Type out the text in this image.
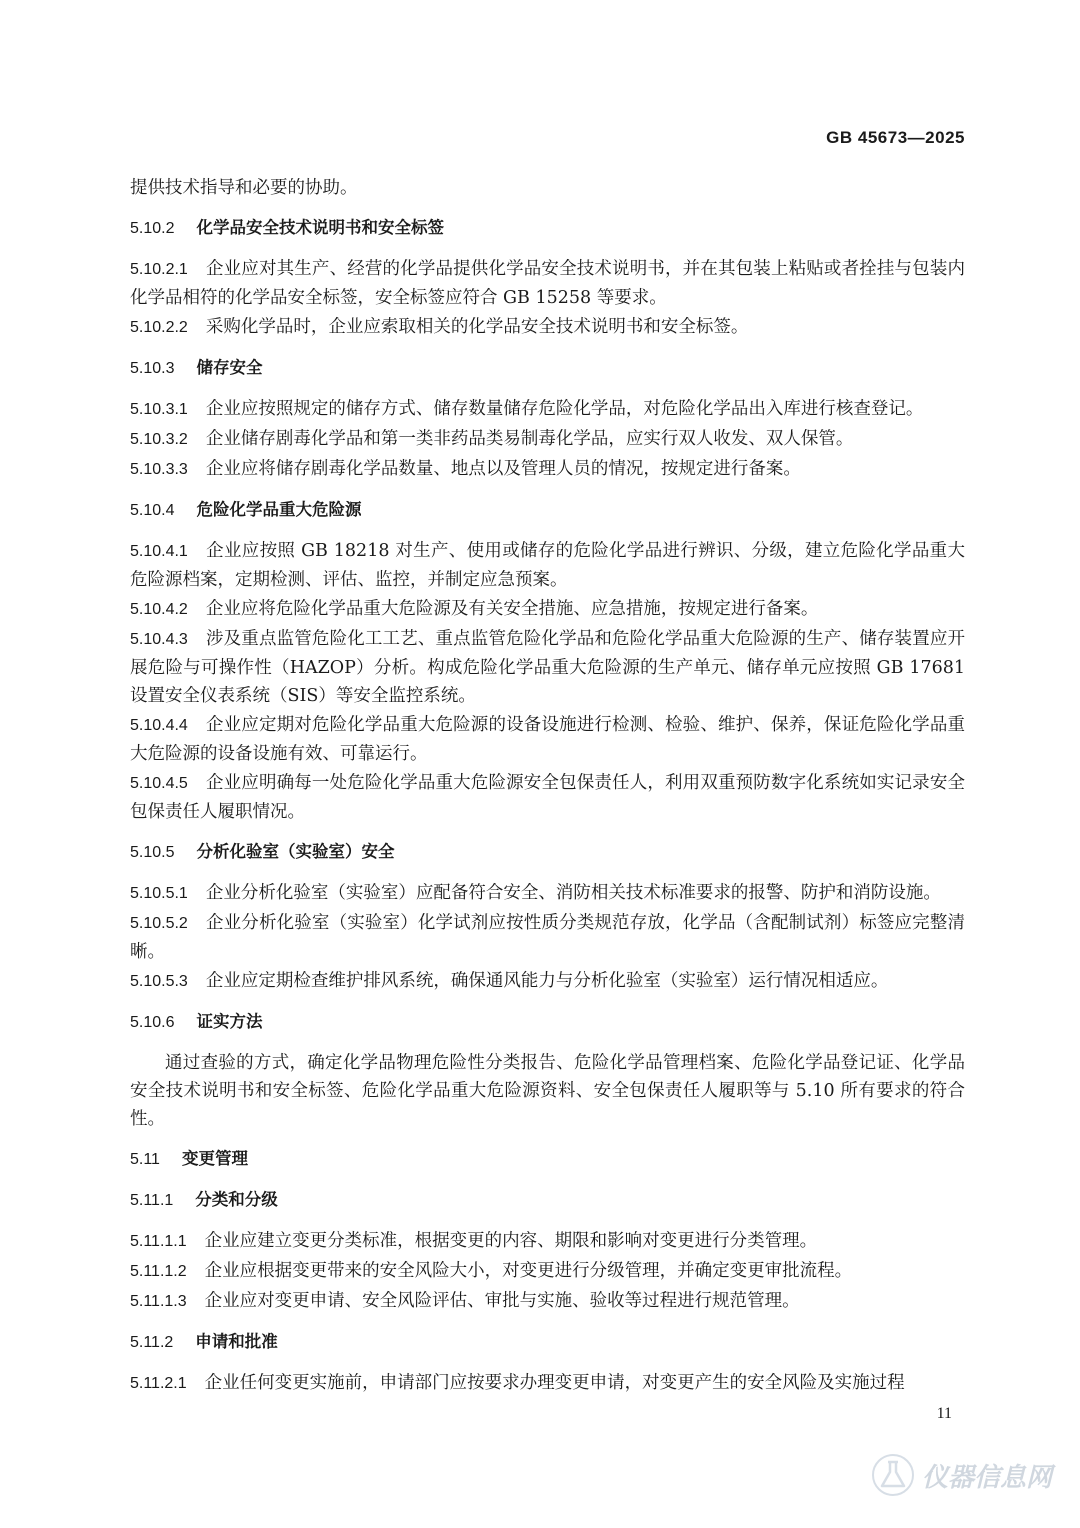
GB 45673—2025

提供技术指导和必要的协助。

5.10.2 化学品安全技术说明书和安全标签

5.10.2.1 企业应对其生产、经营的化学品提供化学品安全技术说明书，并在其包装上粘贴或者拴挂与包装内化学品相符的化学品安全标签，安全标签应符合 GB 15258 等要求。

5.10.2.2 采购化学品时，企业应索取相关的化学品安全技术说明书和安全标签。

5.10.3 储存安全

5.10.3.1 企业应按照规定的储存方式、储存数量储存危险化学品，对危险化学品出入库进行核查登记。

5.10.3.2 企业储存剧毒化学品和第一类非药品类易制毒化学品，应实行双人收发、双人保管。

5.10.3.3 企业应将储存剧毒化学品数量、地点以及管理人员的情况，按规定进行备案。

5.10.4 危险化学品重大危险源

5.10.4.1 企业应按照 GB 18218 对生产、使用或储存的危险化学品进行辨识、分级，建立危险化学品重大危险源档案，定期检测、评估、监控，并制定应急预案。

5.10.4.2 企业应将危险化学品重大危险源及有关安全措施、应急措施，按规定进行备案。

5.10.4.3 涉及重点监管危险化工工艺、重点监管危险化学品和危险化学品重大危险源的生产、储存装置应开展危险与可操作性（HAZOP）分析。构成危险化学品重大危险源的生产单元、储存单元应按照 GB 17681 设置安全仪表系统（SIS）等安全监控系统。

5.10.4.4 企业应定期对危险化学品重大危险源的设备设施进行检测、检验、维护、保养，保证危险化学品重大危险源的设备设施有效、可靠运行。

5.10.4.5 企业应明确每一处危险化学品重大危险源安全包保责任人，利用双重预防数字化系统如实记录安全包保责任人履职情况。

5.10.5 分析化验室（实验室）安全

5.10.5.1 企业分析化验室（实验室）应配备符合安全、消防相关技术标准要求的报警、防护和消防设施。

5.10.5.2 企业分析化验室（实验室）化学试剂应按性质分类规范存放，化学品（含配制试剂）标签应完整清晰。

5.10.5.3 企业应定期检查维护排风系统，确保通风能力与分析化验室（实验室）运行情况相适应。

5.10.6 证实方法

通过查验的方式，确定化学品物理危险性分类报告、危险化学品管理档案、危险化学品登记证、化学品安全技术说明书和安全标签、危险化学品重大危险源资料、安全包保责任人履职等与 5.10 所有要求的符合性。

5.11 变更管理
5.11.1 分类和分级

5.11.1.1 企业应建立变更分类标准，根据变更的内容、期限和影响对变更进行分类管理。

5.11.1.2 企业应根据变更带来的安全风险大小，对变更进行分级管理，并确定变更审批流程。

5.11.1.3 企业应对变更申请、安全风险评估、审批与实施、验收等过程进行规范管理。

5.11.2 申请和批准

5.11.2.1 企业任何变更实施前，申请部门应按要求办理变更申请，对变更产生的安全风险及实施过程

11
仪器信息网
